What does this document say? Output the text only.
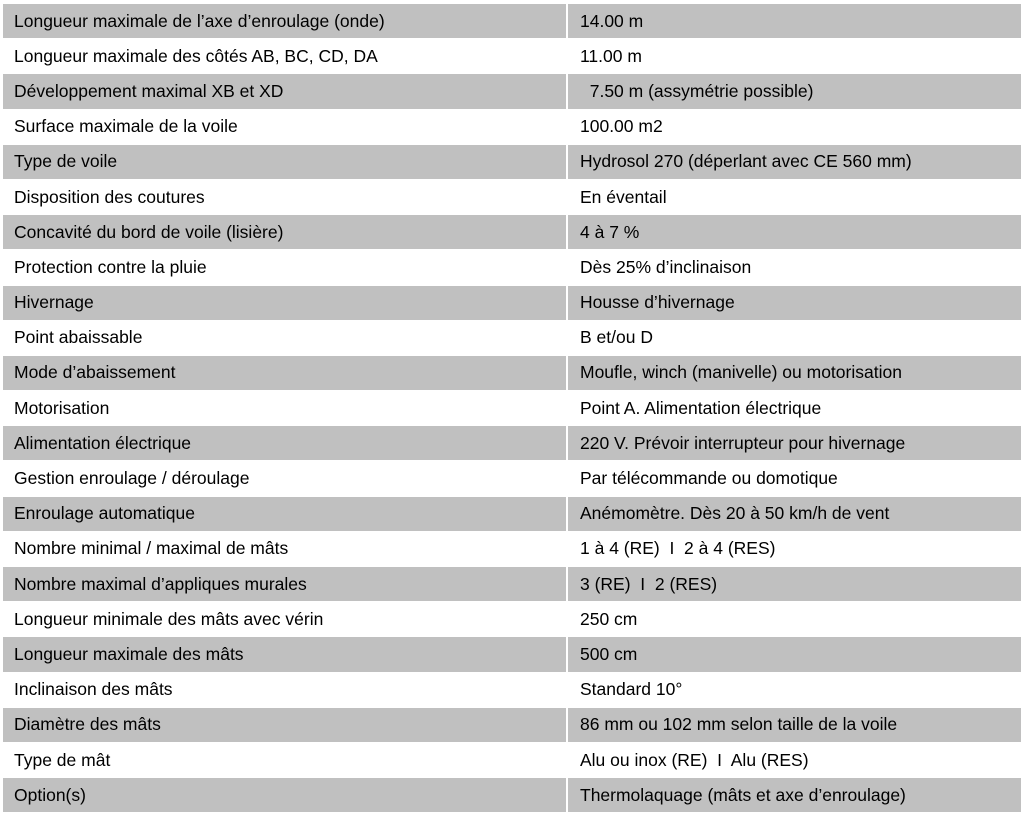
Longueur maximale de l’axe d’enroulage (onde)	14.00 m
Longueur maximale des côtés AB, BC, CD, DA	11.00 m
Développement maximal XB et XD	7.50 m (assymétrie possible)
Surface maximale de la voile	100.00 m2
Type de voile	Hydrosol 270 (déperlant avec CE 560 mm)
Disposition des coutures	En éventail
Concavité du bord de voile (lisière)	4 à 7 %
Protection contre la pluie	Dès 25% d’inclinaison
Hivernage	Housse d’hivernage
Point abaissable	B et/ou D
Mode d’abaissement	Moufle, winch (manivelle) ou motorisation
Motorisation	Point A. Alimentation électrique
Alimentation électrique	220 V. Prévoir interrupteur pour hivernage
Gestion enroulage / déroulage	Par télécommande ou domotique
Enroulage automatique	Anémomètre. Dès 20 à 50 km/h de vent
Nombre minimal / maximal de mâts	1 à 4 (RE)  I  2 à 4 (RES)
Nombre maximal d’appliques murales	3 (RE)  I  2 (RES)
Longueur minimale des mâts avec vérin	250 cm
Longueur maximale des mâts	500 cm
Inclinaison des mâts	Standard 10°
Diamètre des mâts	86 mm ou 102 mm selon taille de la voile
Type de mât	Alu ou inox (RE)  I  Alu (RES)
Option(s)	Thermolaquage (mâts et axe d’enroulage)
